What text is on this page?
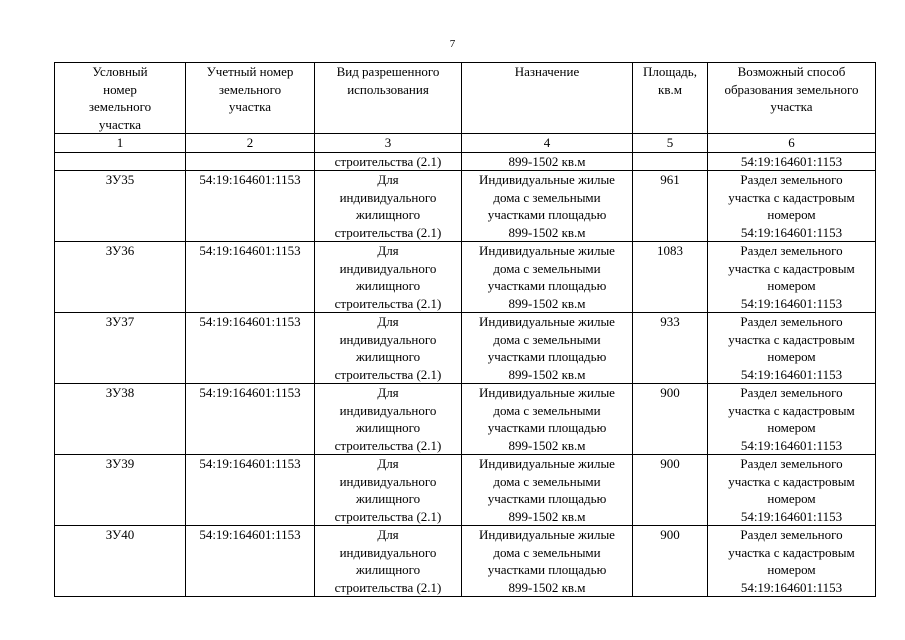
7
Условный
номер
земельного
участка	Учетный номер
земельного
участка	Вид разрешенного
использования	Назначение	Площадь,
кв.м	Возможный способ
образования земельного
участка
1	2	3	4	5	6
		строительства (2.1)	899-1502 кв.м		54:19:164601:1153
ЗУ35	54:19:164601:1153	Для
индивидуального
жилищного
строительства (2.1)	Индивидуальные жилые
дома с земельными
участками площадью
899-1502 кв.м	961	Раздел земельного
участка с кадастровым
номером
54:19:164601:1153
ЗУ36	54:19:164601:1153	Для
индивидуального
жилищного
строительства (2.1)	Индивидуальные жилые
дома с земельными
участками площадью
899-1502 кв.м	1083	Раздел земельного
участка с кадастровым
номером
54:19:164601:1153
ЗУ37	54:19:164601:1153	Для
индивидуального
жилищного
строительства (2.1)	Индивидуальные жилые
дома с земельными
участками площадью
899-1502 кв.м	933	Раздел земельного
участка с кадастровым
номером
54:19:164601:1153
ЗУ38	54:19:164601:1153	Для
индивидуального
жилищного
строительства (2.1)	Индивидуальные жилые
дома с земельными
участками площадью
899-1502 кв.м	900	Раздел земельного
участка с кадастровым
номером
54:19:164601:1153
ЗУ39	54:19:164601:1153	Для
индивидуального
жилищного
строительства (2.1)	Индивидуальные жилые
дома с земельными
участками площадью
899-1502 кв.м	900	Раздел земельного
участка с кадастровым
номером
54:19:164601:1153
ЗУ40	54:19:164601:1153	Для
индивидуального
жилищного
строительства (2.1)	Индивидуальные жилые
дома с земельными
участками площадью
899-1502 кв.м	900	Раздел земельного
участка с кадастровым
номером
54:19:164601:1153
